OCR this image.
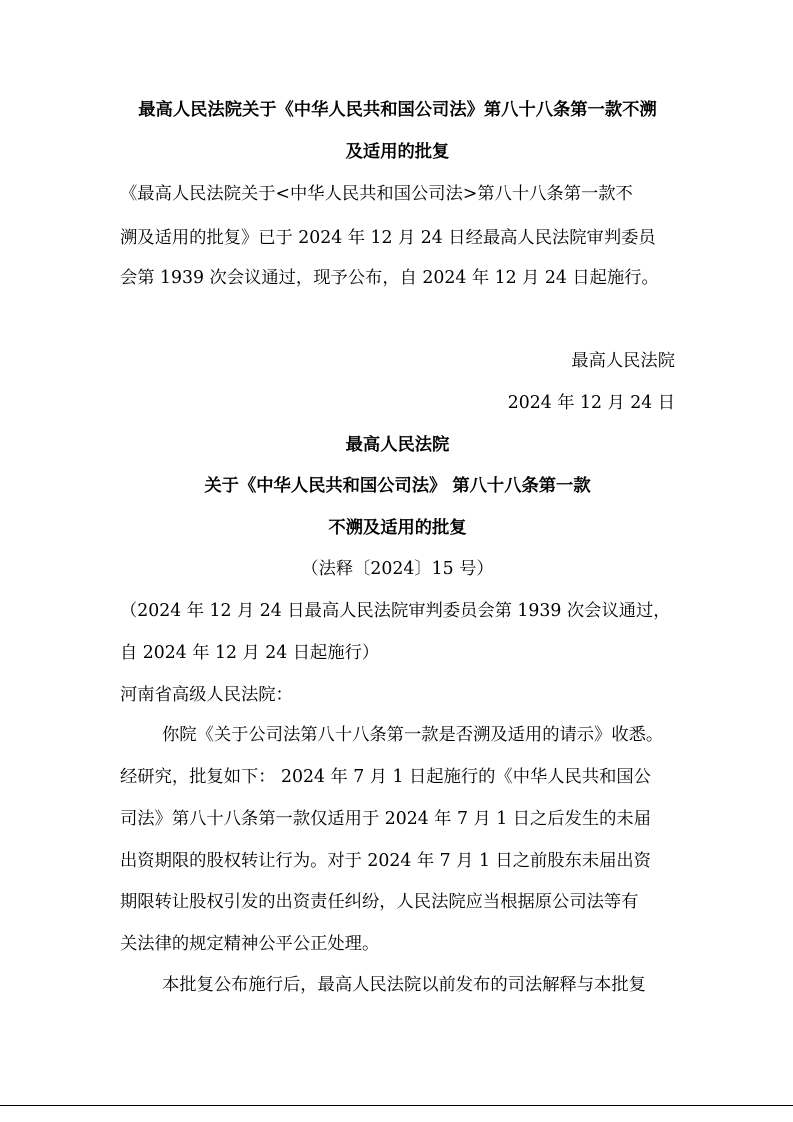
最高人民法院关于《中华人民共和国公司法》第八十八条第一款不溯
及适用的批复
《最高人民法院关于<中华人民共和国公司法>第八十八条第一款不
溯及适用的批复》已于 2024 年 12 月 24 日经最高人民法院审判委员
会第 1939 次会议通过，现予公布，自 2024 年 12 月 24 日起施行。
最高人民法院
2024 年 12 月 24 日
最高人民法院
关于《中华人民共和国公司法》 第八十八条第一款
不溯及适用的批复
（法释〔2024〕15 号）
（2024 年 12 月 24 日最高人民法院审判委员会第 1939 次会议通过，
自 2024 年 12 月 24 日起施行）
河南省高级人民法院：
你院《关于公司法第八十八条第一款是否溯及适用的请示》收悉。
经研究，批复如下： 2024 年 7 月 1 日起施行的《中华人民共和国公
司法》第八十八条第一款仅适用于 2024 年 7 月 1 日之后发生的未届
出资期限的股权转让行为。对于 2024 年 7 月 1 日之前股东未届出资
期限转让股权引发的出资责任纠纷，人民法院应当根据原公司法等有
关法律的规定精神公平公正处理。
本批复公布施行后，最高人民法院以前发布的司法解释与本批复
